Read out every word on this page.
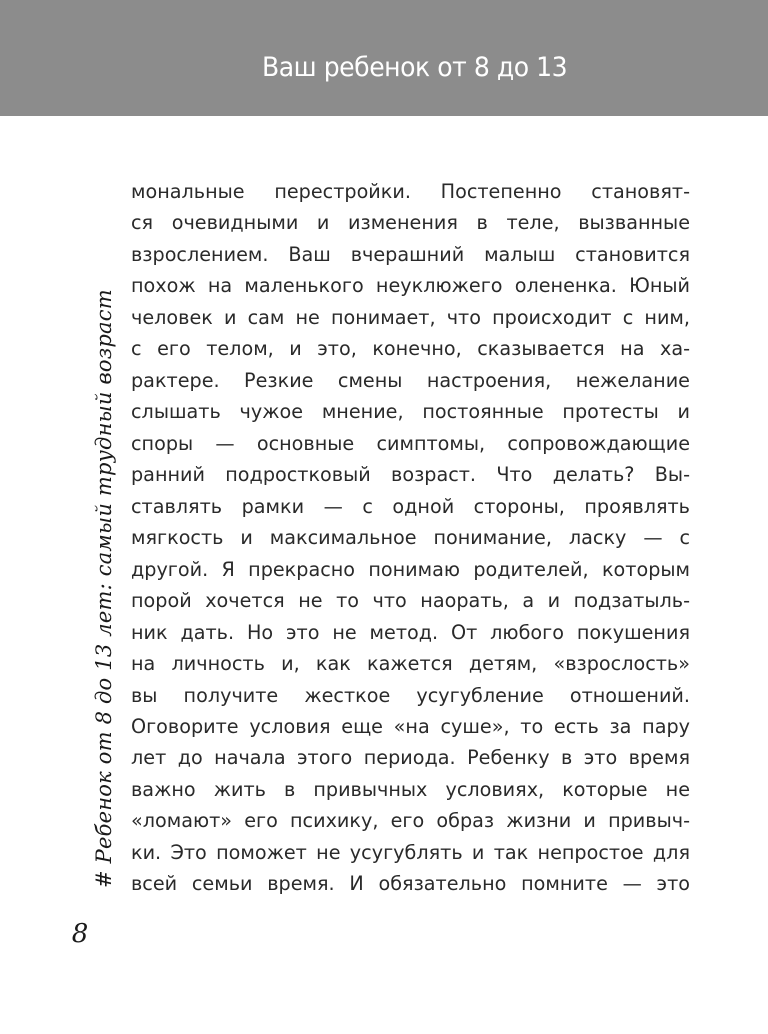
Ваш ребенок от 8 до 13
# Ребенок от 8 до 13 лет: самый трудный возраст
8
мональные перестройки. Постепенно становят-
ся очевидными и изменения в теле, вызванные
взрослением. Ваш вчерашний малыш становится
похож на маленького неуклюжего олененка. Юный
человек и сам не понимает, что происходит с ним,
с его телом, и это, конечно, сказывается на ха-
рактере. Резкие смены настроения, нежелание
слышать чужое мнение, постоянные протесты и
споры — основные симптомы, сопровождающие
ранний подростковый возраст. Что делать? Вы-
ставлять рамки — с одной стороны, проявлять
мягкость и максимальное понимание, ласку — с
другой. Я прекрасно понимаю родителей, которым
порой хочется не то что наорать, а и подзатыль-
ник дать. Но это не метод. От любого покушения
на личность и, как кажется детям, «взрослость»
вы получите жесткое усугубление отношений.
Оговорите условия еще «на суше», то есть за пару
лет до начала этого периода. Ребенку в это время
важно жить в привычных условиях, которые не
«ломают» его психику, его образ жизни и привыч-
ки. Это поможет не усугублять и так непростое для
всей семьи время. И обязательно помните — это
